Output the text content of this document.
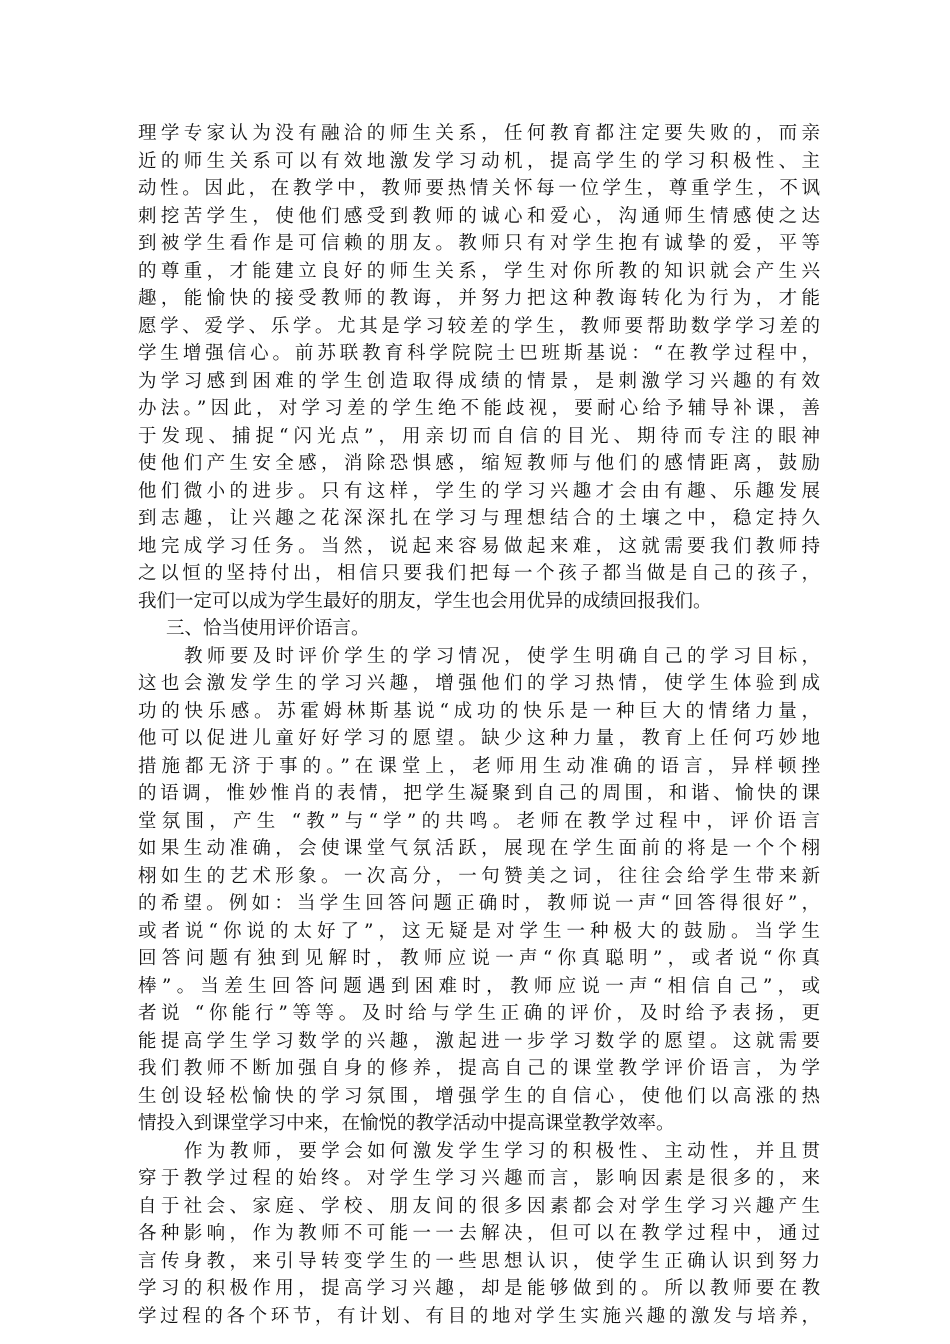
理学专家认为没有融洽的师生关系，任何教育都注定要失败的，而亲
近的师生关系可以有效地激发学习动机，提高学生的学习积极性、主
动性。因此，在教学中，教师要热情关怀每一位学生，尊重学生，不讽
刺挖苦学生，使他们感受到教师的诚心和爱心，沟通师生情感使之达
到被学生看作是可信赖的朋友。教师只有对学生抱有诚挚的爱，平等
的尊重，才能建立良好的师生关系，学生对你所教的知识就会产生兴
趣，能愉快的接受教师的教诲，并努力把这种教诲转化为行为，才能
愿学、爱学、乐学。尤其是学习较差的学生，教师要帮助数学学习差的
学生增强信心。前苏联教育科学院院士巴班斯基说：“在教学过程中，
为学习感到困难的学生创造取得成绩的情景，是刺激学习兴趣的有效
办法。”因此，对学习差的学生绝不能歧视，要耐心给予辅导补课，善
于发现、捕捉“闪光点”，用亲切而自信的目光、期待而专注的眼神
使他们产生安全感，消除恐惧感，缩短教师与他们的感情距离，鼓励
他们微小的进步。只有这样，学生的学习兴趣才会由有趣、乐趣发展
到志趣，让兴趣之花深深扎在学习与理想结合的土壤之中，稳定持久
地完成学习任务。当然，说起来容易做起来难，这就需要我们教师持
之以恒的坚持付出，相信只要我们把每一个孩子都当做是自己的孩子，
我们一定可以成为学生最好的朋友，学生也会用优异的成绩回报我们。
三、恰当使用评价语言。
教师要及时评价学生的学习情况，使学生明确自己的学习目标，
这也会激发学生的学习兴趣，增强他们的学习热情，使学生体验到成
功的快乐感。苏霍姆林斯基说“成功的快乐是一种巨大的情绪力量，
他可以促进儿童好好学习的愿望。缺少这种力量，教育上任何巧妙地
措施都无济于事的。”在课堂上，老师用生动准确的语言，异样顿挫
的语调，惟妙惟肖的表情，把学生凝聚到自己的周围，和谐、愉快的课
堂氛围，产生 “教”与“学”的共鸣。老师在教学过程中，评价语言
如果生动准确，会使课堂气氛活跃，展现在学生面前的将是一个个栩
栩如生的艺术形象。一次高分，一句赞美之词，往往会给学生带来新
的希望。例如：当学生回答问题正确时，教师说一声“回答得很好”，
或者说“你说的太好了”，这无疑是对学生一种极大的鼓励。当学生
回答问题有独到见解时，教师应说一声“你真聪明”，或者说“你真
棒”。当差生回答问题遇到困难时，教师应说一声“相信自己”，或
者说 “你能行”等等。及时给与学生正确的评价，及时给予表扬，更
能提高学生学习数学的兴趣，激起进一步学习数学的愿望。这就需要
我们教师不断加强自身的修养，提高自己的课堂教学评价语言，为学
生创设轻松愉快的学习氛围，增强学生的自信心，使他们以高涨的热
情投入到课堂学习中来，在愉悦的教学活动中提高课堂教学效率。
作为教师，要学会如何激发学生学习的积极性、主动性，并且贯
穿于教学过程的始终。对学生学习兴趣而言，影响因素是很多的，来
自于社会、家庭、学校、朋友间的很多因素都会对学生学习兴趣产生
各种影响，作为教师不可能一一去解决，但可以在教学过程中，通过
言传身教，来引导转变学生的一些思想认识，使学生正确认识到努力
学习的积极作用，提高学习兴趣，却是能够做到的。所以教师要在教
学过程的各个环节，有计划、有目的地对学生实施兴趣的激发与培养，
